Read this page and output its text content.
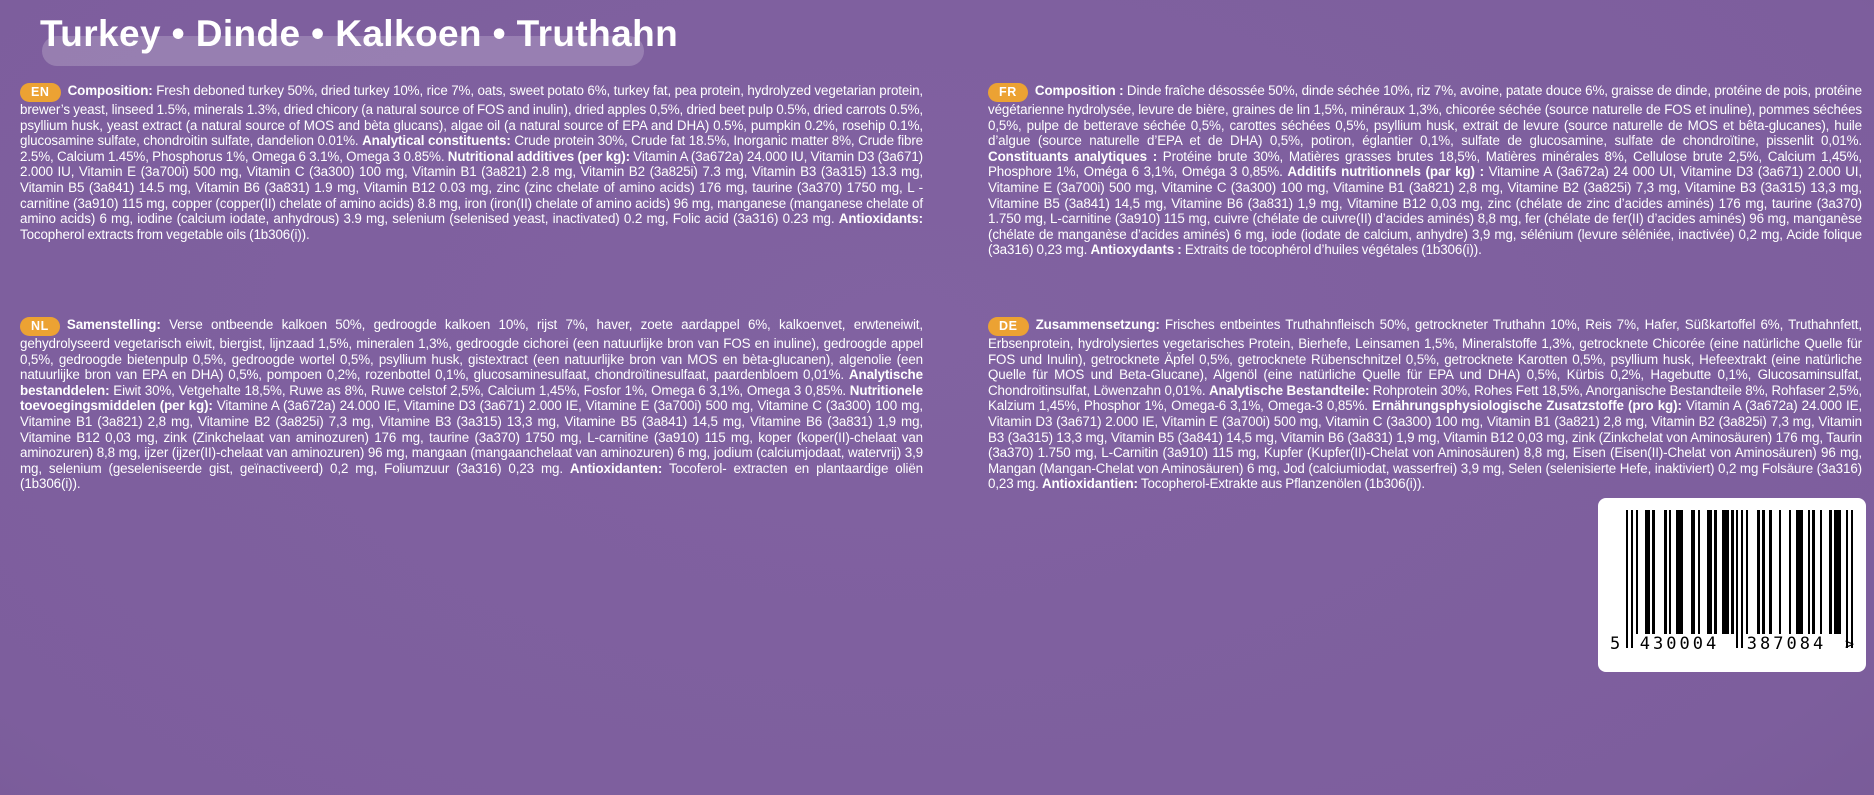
Turkey • Dinde • Kalkoen • Truthahn

EN Composition: Fresh deboned turkey 50%, dried turkey 10%, rice 7%, oats, sweet potato 6%, turkey fat, pea protein, hydrolyzed vegetarian protein, brewer’s yeast, linseed 1.5%, minerals 1.3%, dried chicory (a natural source of FOS and inulin), dried apples 0,5%, dried beet pulp 0.5%, dried carrots 0.5%, psyllium husk, yeast extract (a natural source of MOS and bèta glucans), algae oil (a natural source of EPA and DHA) 0.5%, pumpkin 0.2%, rosehip 0.1%, glucosamine sulfate, chondroitin sulfate, dandelion 0.01%. Analytical constituents: Crude protein 30%, Crude fat 18.5%, Inorganic matter 8%, Crude fibre 2.5%, Calcium 1.45%, Phosphorus 1%, Omega 6 3.1%, Omega 3 0.85%. Nutritional additives (per kg): Vitamin A (3a672a) 24.000 IU, Vitamin D3 (3a671) 2.000 IU, Vitamin E (3a700i) 500 mg, Vitamin C (3a300) 100 mg, Vitamin B1 (3a821) 2.8 mg, Vitamin B2 (3a825i) 7.3 mg, Vitamin B3 (3a315) 13.3 mg, Vitamin B5 (3a841) 14.5 mg, Vitamin B6 (3a831) 1.9 mg, Vitamin B12 0.03 mg, zinc (zinc chelate of amino acids) 176 mg, taurine (3a370) 1750 mg, L - carnitine (3a910) 115 mg, copper (copper(II) chelate of amino acids) 8.8 mg, iron (iron(II) chelate of amino acids) 96 mg, manganese (manganese chelate of amino acids) 6 mg, iodine (calcium iodate, anhydrous) 3.9 mg, selenium (selenised yeast, inactivated) 0.2 mg, Folic acid (3a316) 0.23 mg. Antioxidants: Tocopherol extracts from vegetable oils (1b306(i)).

NL Samenstelling: Verse ontbeende kalkoen 50%, gedroogde kalkoen 10%, rijst 7%, haver, zoete aardappel 6%, kalkoenvet, erwteneiwit, gehydrolyseerd vegetarisch eiwit, biergist, lijnzaad 1,5%, mineralen 1,3%, gedroogde cichorei (een natuurlijke bron van FOS en inuline), gedroogde appel 0,5%, gedroogde bietenpulp 0,5%, gedroogde wortel 0,5%, psyllium husk, gistextract (een natuurlijke bron van MOS en bèta-glucanen), algenolie (een natuurlijke bron van EPA en DHA) 0,5%, pompoen 0,2%, rozenbottel 0,1%, glucosaminesulfaat, chondroïtinesulfaat, paardenbloem 0,01%. Analytische bestanddelen: Eiwit 30%, Vetgehalte 18,5%, Ruwe as 8%, Ruwe celstof 2,5%, Calcium 1,45%, Fosfor 1%, Omega 6 3,1%, Omega 3 0,85%. Nutritionele toevoegingsmiddelen (per kg): Vitamine A (3a672a) 24.000 IE, Vitamine D3 (3a671) 2.000 IE, Vitamine E (3a700i) 500 mg, Vitamine C (3a300) 100 mg, Vitamine B1 (3a821) 2,8 mg, Vitamine B2 (3a825i) 7,3 mg, Vitamine B3 (3a315) 13,3 mg, Vitamine B5 (3a841) 14,5 mg, Vitamine B6 (3a831) 1,9 mg, Vitamine B12 0,03 mg, zink (Zinkchelaat van aminozuren) 176 mg, taurine (3a370) 1750 mg, L-carnitine (3a910) 115 mg, koper (koper(II)-chelaat van aminozuren) 8,8 mg, ijzer (ijzer(II)-chelaat van aminozuren) 96 mg, mangaan (mangaanchelaat van aminozuren) 6 mg, jodium (calciumjodaat, watervrij) 3,9 mg, selenium (geseleniseerde gist, geïnactiveerd) 0,2 mg, Foliumzuur (3a316) 0,23 mg. Antioxidanten: Tocoferol- extracten en plantaardige oliën (1b306(i)).

FR Composition : Dinde fraîche désossée 50%, dinde séchée 10%, riz 7%, avoine, patate douce 6%, graisse de dinde, protéine de pois, protéine végétarienne hydrolysée, levure de bière, graines de lin 1,5%, minéraux 1,3%, chicorée séchée (source naturelle de FOS et inuline), pommes séchées 0,5%, pulpe de betterave séchée 0,5%, carottes séchées 0,5%, psyllium husk, extrait de levure (source naturelle de MOS et bêta-glucanes), huile d’algue (source naturelle d’EPA et de DHA) 0,5%, potiron, églantier 0,1%, sulfate de glucosamine, sulfate de chondroïtine, pissenlit 0,01%. Constituants analytiques : Protéine brute 30%, Matières grasses brutes 18,5%, Matières minérales 8%, Cellulose brute 2,5%, Calcium 1,45%, Phosphore 1%, Oméga 6 3,1%, Oméga 3 0,85%. Additifs nutritionnels (par kg) : Vitamine A (3a672a) 24 000 UI, Vitamine D3 (3a671) 2.000 UI, Vitamine E (3a700i) 500 mg, Vitamine C (3a300) 100 mg, Vitamine B1 (3a821) 2,8 mg, Vitamine B2 (3a825i) 7,3 mg, Vitamine B3 (3a315) 13,3 mg, Vitamine B5 (3a841) 14,5 mg, Vitamine B6 (3a831) 1,9 mg, Vitamine B12 0,03 mg, zinc (chélate de zinc d’acides aminés) 176 mg, taurine (3a370) 1.750 mg, L-carnitine (3a910) 115 mg, cuivre (chélate de cuivre(II) d’acides aminés) 8,8 mg, fer (chélate de fer(II) d’acides aminés) 96 mg, manganèse (chélate de manganèse d’acides aminés) 6 mg, iode (iodate de calcium, anhydre) 3,9 mg, sélénium (levure séléniée, inactivée) 0,2 mg, Acide folique (3a316) 0,23 mg. Antioxydants : Extraits de tocophérol d’huiles végétales (1b306(i)).

DE Zusammensetzung: Frisches entbeintes Truthahnfleisch 50%, getrockneter Truthahn 10%, Reis 7%, Hafer, Süßkartoffel 6%, Truthahnfett, Erbsenprotein, hydrolysiertes vegetarisches Protein, Bierhefe, Leinsamen 1,5%, Mineralstoffe 1,3%, getrocknete Chicorée (eine natürliche Quelle für FOS und Inulin), getrocknete Äpfel 0,5%, getrocknete Rübenschnitzel 0,5%, getrocknete Karotten 0,5%, psyllium husk, Hefeextrakt (eine natürliche Quelle für MOS und Beta-Glucane), Algenöl (eine natürliche Quelle für EPA und DHA) 0,5%, Kürbis 0,2%, Hagebutte 0,1%, Glucosaminsulfat, Chondroitinsulfat, Löwenzahn 0,01%. Analytische Bestandteile: Rohprotein 30%, Rohes Fett 18,5%, Anorganische Bestandteile 8%, Rohfaser 2,5%, Kalzium 1,45%, Phosphor 1%, Omega-6 3,1%, Omega-3 0,85%. Ernährungsphysiologische Zusatzstoffe (pro kg): Vitamin A (3a672a) 24.000 IE, Vitamin D3 (3a671) 2.000 IE, Vitamin E (3a700i) 500 mg, Vitamin C (3a300) 100 mg, Vitamin B1 (3a821) 2,8 mg, Vitamin B2 (3a825i) 7,3 mg, Vitamin B3 (3a315) 13,3 mg, Vitamin B5 (3a841) 14,5 mg, Vitamin B6 (3a831) 1,9 mg, Vitamin B12 0,03 mg, zink (Zinkchelat von Aminosäuren) 176 mg, Taurin (3a370) 1.750 mg, L-Carnitin (3a910) 115 mg, Kupfer (Kupfer(II)-Chelat von Aminosäuren) 8,8 mg, Eisen (Eisen(II)-Chelat von Aminosäuren) 96 mg, Mangan (Mangan-Chelat von Aminosäuren) 6 mg, Jod (calciumiodat, wasserfrei) 3,9 mg, Selen (selenisierte Hefe, inaktiviert) 0,2 mg Folsäure (3a316) 0,23 mg. Antioxidantien: Tocopherol-Extrakte aus Pflanzenölen (1b306(i)).

5	430004	387084	>
